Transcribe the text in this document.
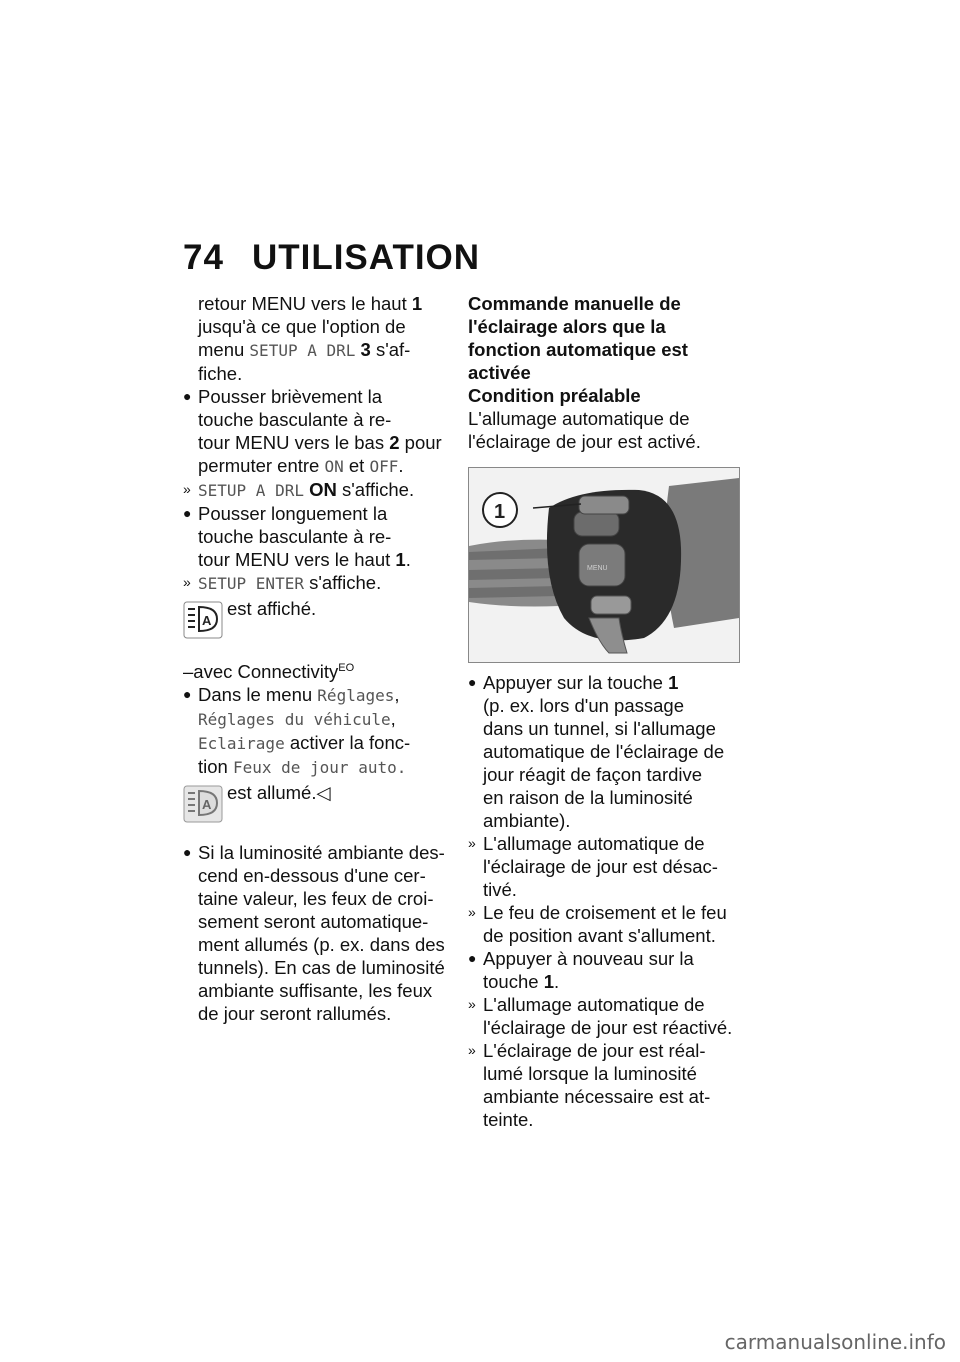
74 UTILISATION
retour MENU vers le haut 1
jusqu'à ce que l'option de
menu SETUP A DRL 3 s'af-
fiche.
● Pousser brièvement la
touche basculante à re-
tour MENU vers le bas 2 pour
permuter entre ON et OFF.
» SETUP A DRL ON s'affiche.
● Pousser longuement la
touche basculante à re-
tour MENU vers le haut 1.
» SETUP ENTER s'affiche.
A
est affiché.
–avec Connectivity$^{EO}$
● Dans le menu Réglages,
Réglages du véhicule,
Eclairage activer la fonc-
tion Feux de jour auto.
A
est allumé.◁
● Si la luminosité ambiante des-
cend en-dessous d'une cer-
taine valeur, les feux de croi-
sement seront automatique-
ment allumés (p. ex. dans des
tunnels). En cas de luminosité
ambiante suffisante, les feux
de jour seront rallumés.
Commande manuelle de
l'éclairage alors que la
fonction automatique est
activée
Condition préalable
L'allumage automatique de
l'éclairage de jour est activé.
MENU
1
● Appuyer sur la touche 1
(p. ex. lors d'un passage
dans un tunnel, si l'allumage
automatique de l'éclairage de
jour réagit de façon tardive
en raison de la luminosité
ambiante).
» L'allumage automatique de
l'éclairage de jour est désac-
tivé.
» Le feu de croisement et le feu
de position avant s'allument.
● Appuyer à nouveau sur la
touche 1.
» L'allumage automatique de
l'éclairage de jour est réactivé.
» L'éclairage de jour est réal-
lumé lorsque la luminosité
ambiante nécessaire est at-
teinte.
carmanualsonline.info
